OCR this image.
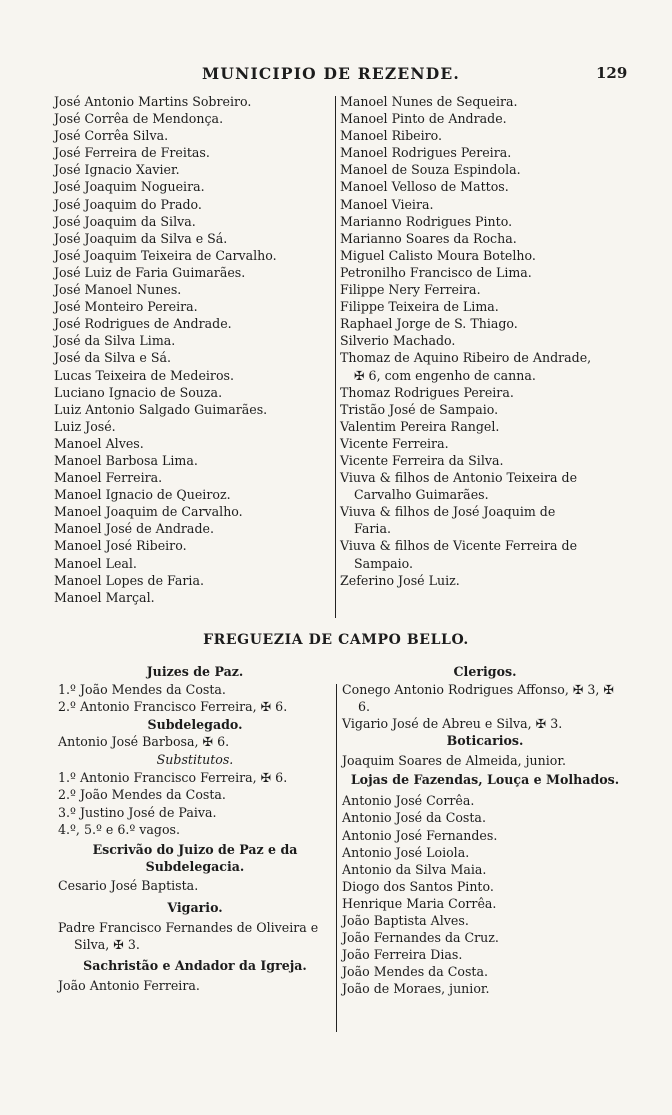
MUNICIPIO DE REZENDE.	129
José Antonio Martins Sobreiro.
José Corrêa de Mendonça.
José Corrêa Silva.
José Ferreira de Freitas.
José Ignacio Xavier.
José Joaquim Nogueira.
José Joaquim do Prado.
José Joaquim da Silva.
José Joaquim da Silva e Sá.
José Joaquim Teixeira de Carvalho.
José Luiz de Faria Guimarães.
José Manoel Nunes.
José Monteiro Pereira.
José Rodrigues de Andrade.
José da Silva Lima.
José da Silva e Sá.
Lucas Teixeira de Medeiros.
Luciano Ignacio de Souza.
Luiz Antonio Salgado Guimarães.
Luiz José.
Manoel Alves.
Manoel Barbosa Lima.
Manoel Ferreira.
Manoel Ignacio de Queiroz.
Manoel Joaquim de Carvalho.
Manoel José de Andrade.
Manoel José Ribeiro.
Manoel Leal.
Manoel Lopes de Faria.
Manoel Marçal.
Manoel Nunes de Sequeira.
Manoel Pinto de Andrade.
Manoel Ribeiro.
Manoel Rodrigues Pereira.
Manoel de Souza Espindola.
Manoel Velloso de Mattos.
Manoel Vieira.
Marianno Rodrigues Pinto.
Marianno Soares da Rocha.
Miguel Calisto Moura Botelho.
Petronilho Francisco de Lima.
Filippe Nery Ferreira.
Filippe Teixeira de Lima.
Raphael Jorge de S. Thiago.
Silverio Machado.
Thomaz de Aquino Ribeiro de Andrade,
✠ 6, com engenho de canna.
Thomaz Rodrigues Pereira.
Tristão José de Sampaio.
Valentim Pereira Rangel.
Vicente Ferreira.
Vicente Ferreira da Silva.
Viuva & filhos de Antonio Teixeira de
Carvalho Guimarães.
Viuva & filhos de José Joaquim de
Faria.
Viuva & filhos de Vicente Ferreira de
Sampaio.
Zeferino José Luiz.
FREGUEZIA DE CAMPO BELLO.
Juizes de Paz.
1.º João Mendes da Costa.
2.º Antonio Francisco Ferreira, ✠ 6.
Subdelegado.
Antonio José Barbosa, ✠ 6.
Substitutos.
1.º Antonio Francisco Ferreira, ✠ 6.
2.º João Mendes da Costa.
3.º Justino José de Paiva.
4.º, 5.º e 6.º vagos.
Escrivão do Juizo de Paz e da Subdelegacia.
Cesario José Baptista.
Vigario.
Padre Francisco Fernandes de Oliveira e Silva, ✠ 3.
Sachristão e Andador da Igreja.
João Antonio Ferreira.
Clerigos.
Conego Antonio Rodrigues Affonso, ✠ 3, ✠ 6.
Vigario José de Abreu e Silva, ✠ 3.
Boticarios.
Joaquim Soares de Almeida, junior.
Lojas de Fazendas, Louça e Molhados.
Antonio José Corrêa.
Antonio José da Costa.
Antonio José Fernandes.
Antonio José Loiola.
Antonio da Silva Maia.
Diogo dos Santos Pinto.
Henrique Maria Corrêa.
João Baptista Alves.
João Fernandes da Cruz.
João Ferreira Dias.
João Mendes da Costa.
João de Moraes, junior.
